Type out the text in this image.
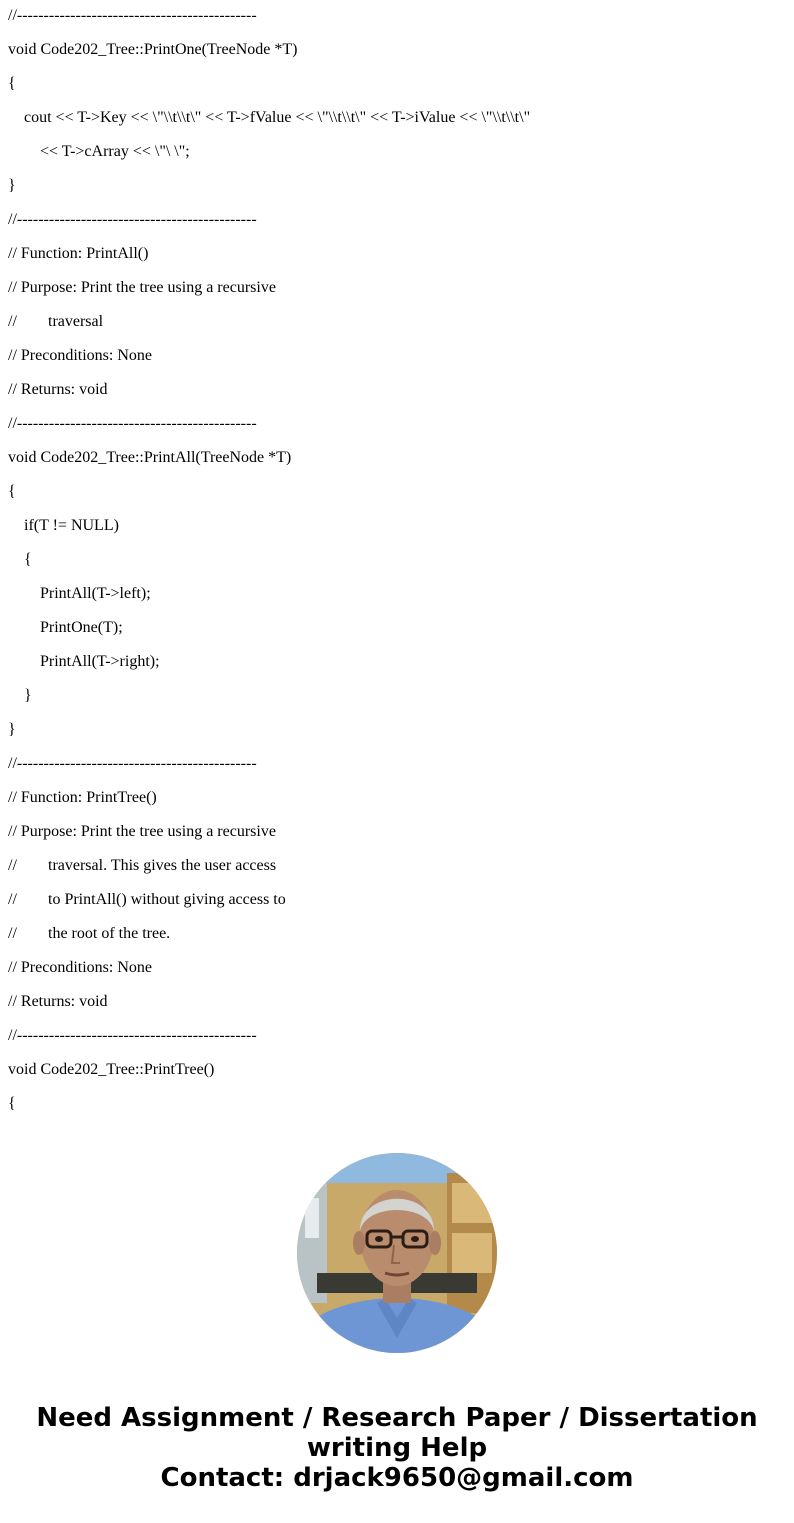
//---------------------------------------------
void Code202_Tree::PrintOne(TreeNode *T)
{
cout << T->Key << \"\\t\\t\" << T->fValue << \"\\t\\t\" << T->iValue << \"\\t\\t\"
<< T->cArray << \"\ \";
}
//---------------------------------------------
// Function: PrintAll()
// Purpose: Print the tree using a recursive
// traversal
// Preconditions: None
// Returns: void
//---------------------------------------------
void Code202_Tree::PrintAll(TreeNode *T)
{
if(T != NULL)
{
PrintAll(T->left);
PrintOne(T);
PrintAll(T->right);
}
}
//---------------------------------------------
// Function: PrintTree()
// Purpose: Print the tree using a recursive
// traversal. This gives the user access
// to PrintAll() without giving access to
// the root of the tree.
// Preconditions: None
// Returns: void
//---------------------------------------------
void Code202_Tree::PrintTree()
{
Need Assignment / Research Paper / Dissertation
writing Help
Contact: drjack9650@gmail.com
